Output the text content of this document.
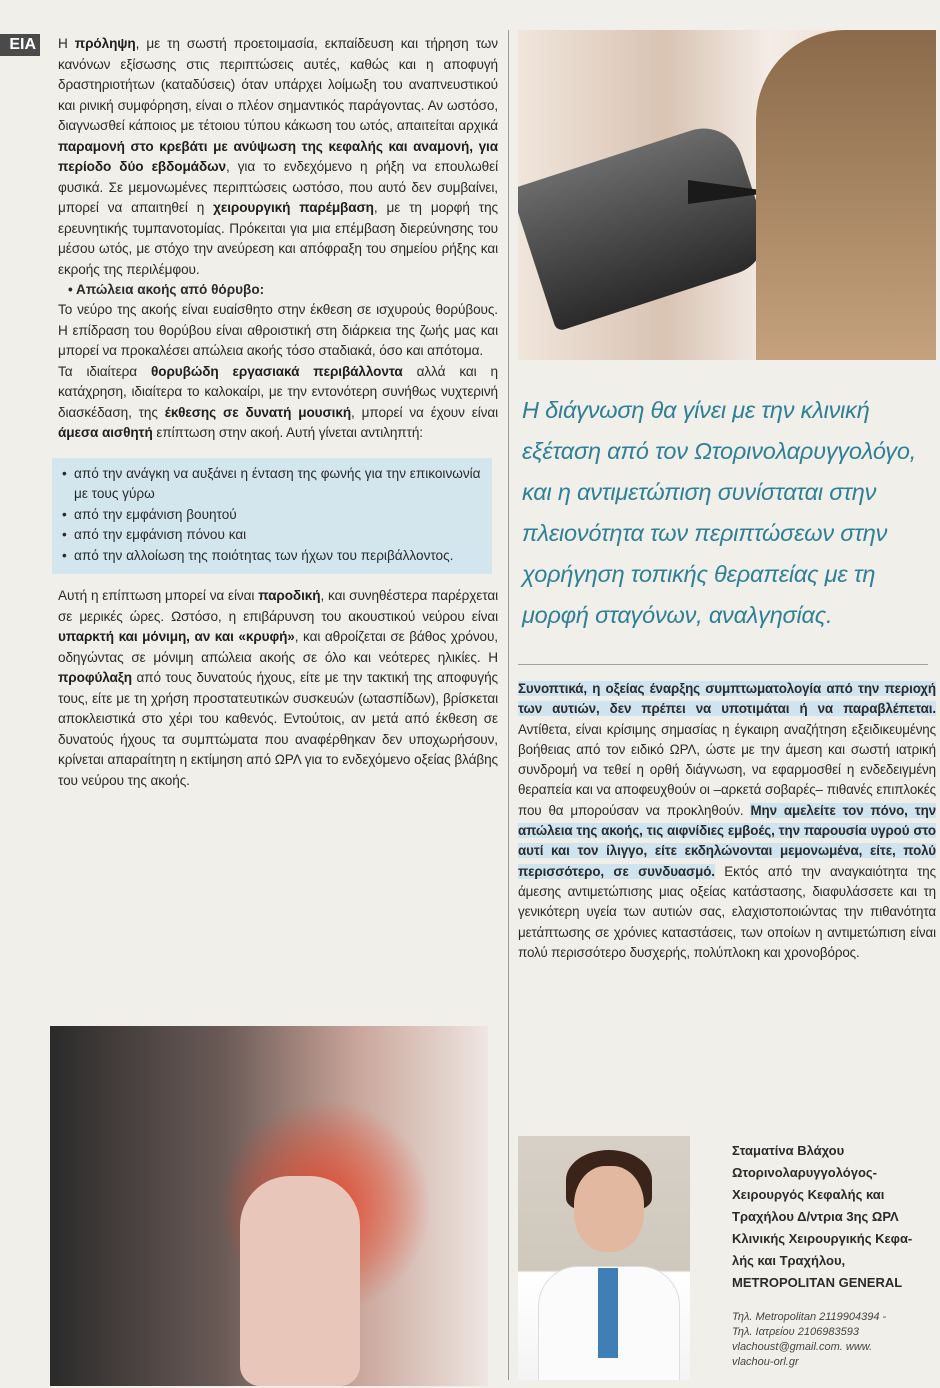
ΕΙΑ Η πρόληψη, με τη σωστή προετοιμασία, εκπαίδευση και τήρηση των κανόνων εξίσωσης στις περιπτώσεις αυτές, καθώς και η αποφυγή δραστηριοτήτων (καταδύσεις) όταν υπάρχει λοίμωξη του αναπνευστικού και ρινική συμφόρηση, είναι ο πλέον σημαντικός παράγοντας. Αν ωστόσο, διαγνωσθεί κάποιος με τέτοιου τύπου κάκωση του ωτός, απαιτείται αρχικά παραμονή στο κρεβάτι με ανύψωση της κεφαλής και αναμονή, για περίοδο δύο εβδομάδων, για το ενδεχόμενο η ρήξη να επουλωθεί φυσικά. Σε μεμονωμένες περιπτώσεις ωστόσο, που αυτό δεν συμβαίνει, μπορεί να απαιτηθεί η χειρουργική παρέμβαση, με τη μορφή της ερευνητικής τυμπανοτομίας. Πρόκειται για μια επέμβαση διερεύνησης του μέσου ωτός, με στόχο την ανεύρεση και απόφραξη του σημείου ρήξης και εκροής της περιλέμφου.

• Απώλεια ακοής από θόρυβο:

Το νεύρο της ακοής είναι ευαίσθητο στην έκθεση σε ισχυρούς θορύβους. Η επίδραση του θορύβου είναι αθροιστική στη διάρκεια της ζωής μας και μπορεί να προκαλέσει απώλεια ακοής τόσο σταδιακά, όσο και απότομα.

Τα ιδιαίτερα θορυβώδη εργασιακά περιβάλλοντα αλλά και η κατάχρηση, ιδιαίτερα το καλοκαίρι, με την εντονότερη συνήθως νυχτερινή διασκέδαση, της έκθεσης σε δυνατή μουσική, μπορεί να έχουν είναι άμεσα αισθητή επίπτωση στην ακοή. Αυτή γίνεται αντιληπτή:

• από την ανάγκη να αυξάνει η ένταση της φωνής για την επικοινωνία με τους γύρω
• από την εμφάνιση βουητού
• από την εμφάνιση πόνου και
• από την αλλοίωση της ποιότητας των ήχων του περιβάλλοντος.

Αυτή η επίπτωση μπορεί να είναι παροδική, και συνηθέστερα παρέρχεται σε μερικές ώρες. Ωστόσο, η επιβάρυνση του ακουστικού νεύρου είναι υπαρκτή και μόνιμη, αν και «κρυφή», και αθροίζεται σε βάθος χρόνου, οδηγώντας σε μόνιμη απώλεια ακοής σε όλο και νεότερες ηλικίες. Η προφύλαξη από τους δυνατούς ήχους, είτε με την τακτική της αποφυγής τους, είτε με τη χρήση προστατευτικών συσκευών (ωτασπίδων), βρίσκεται αποκλειστικά στο χέρι του καθενός. Εντούτοις, αν μετά από έκθεση σε δυνατούς ήχους τα συμπτώματα που αναφέρθηκαν δεν υποχωρήσουν, κρίνεται απαραίτητη η εκτίμηση από ΩΡΛ για το ενδεχόμενο οξείας βλάβης του νεύρου της ακοής.

Η διάγνωση θα γίνει με την κλινική εξέταση από τον Ωτορινολαρυγγολόγο, και η αντιμετώπιση συνίσταται στην πλειονότητα των περιπτώσεων στην χορήγηση τοπικής θεραπείας με τη μορφή σταγόνων, αναλγησίας.

Συνοπτικά, η οξείας έναρξης συμπτωματολογία από την περιοχή των αυτιών, δεν πρέπει να υποτιμάται ή να παραβλέπεται. Αντίθετα, είναι κρίσιμης σημασίας η έγκαιρη αναζήτηση εξειδικευμένης βοήθειας από τον ειδικό ΩΡΛ, ώστε με την άμεση και σωστή ιατρική συνδρομή να τεθεί η ορθή διάγνωση, να εφαρμοσθεί η ενδεδειγμένη θεραπεία και να αποφευχθούν οι –αρκετά σοβαρές– πιθανές επιπλοκές που θα μπορούσαν να προκληθούν. Μην αμελείτε τον πόνο, την απώλεια της ακοής, τις αιφνίδιες εμβοές, την παρουσία υγρού στο αυτί και τον ίλιγγο, είτε εκδηλώνονται μεμονωμένα, είτε, πολύ περισσότερο, σε συνδυασμό. Εκτός από την αναγκαιότητα της άμεσης αντιμετώπισης μιας οξείας κατάστασης, διαφυλάσσετε και τη γενικότερη υγεία των αυτιών σας, ελαχιστοποιώντας την πιθανότητα μετάπτωσης σε χρόνιες καταστάσεις, των οποίων η αντιμετώπιση είναι πολύ περισσότερο δυσχερής, πολύπλοκη και χρονοβόρος.

Σταματίνα Βλάχου
Ωτορινολαρυγγολόγος-
Χειρουργός Κεφαλής και
Τραχήλου Δ/ντρια 3ης ΩΡΛ
Κλινικής Χειρουργικής Κεφα-
λής και Τραχήλου,
METROPOLITAN GENERAL
Τηλ. Metropolitan 2119904394 -
Τηλ. Ιατρείου 2106983593
vlachoust@gmail.com. www.
vlachou-orl.gr
